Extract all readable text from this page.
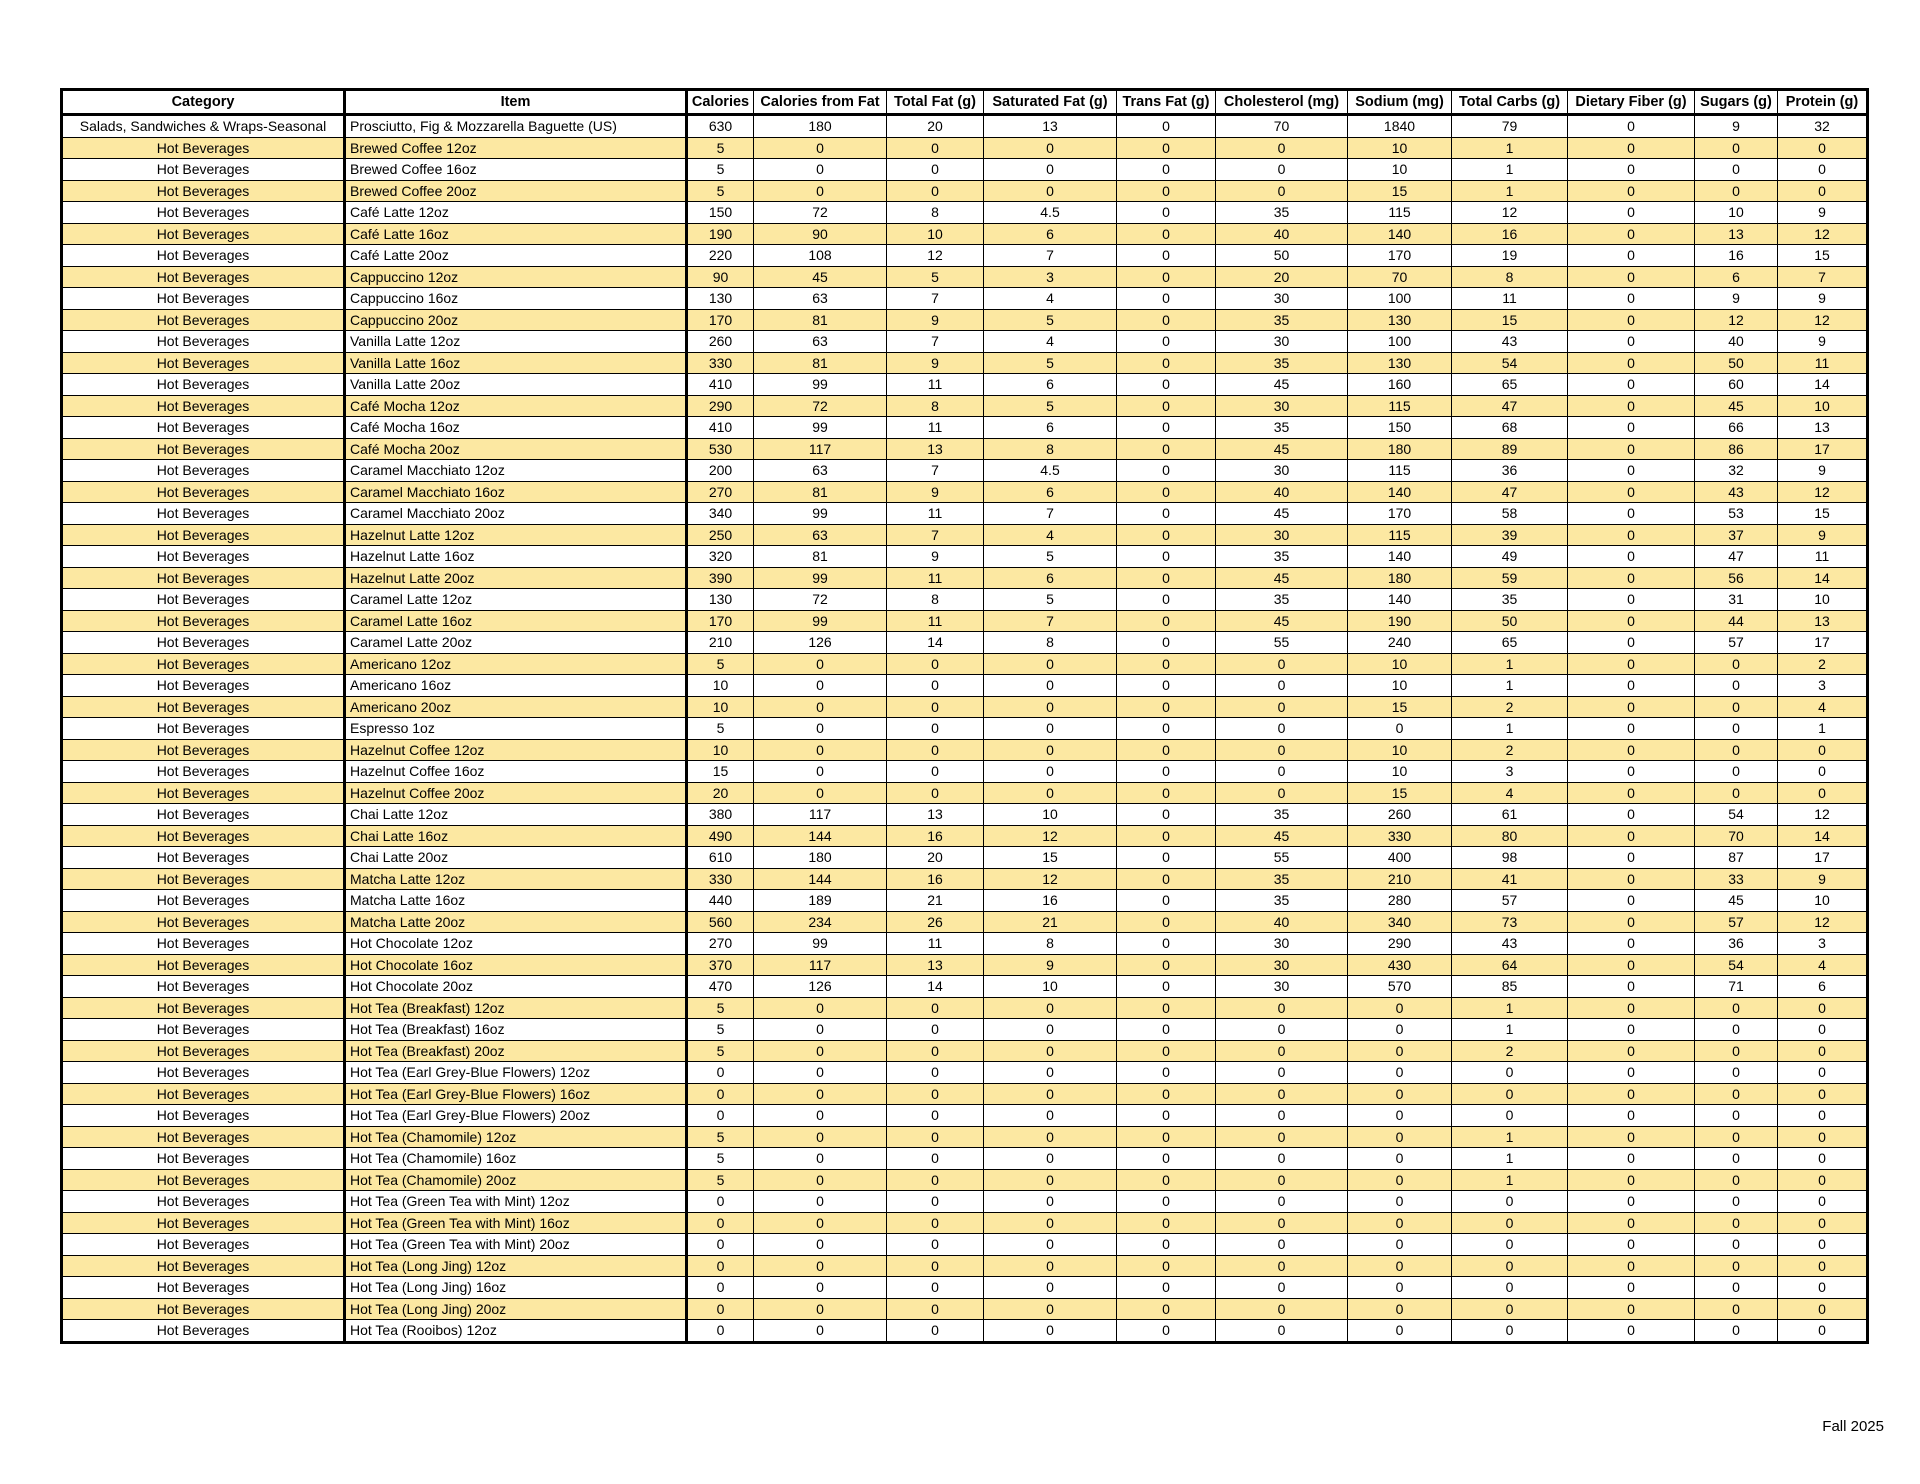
Category	Item	Calories	Calories from Fat	Total Fat (g)	Saturated Fat (g)	Trans Fat (g)	Cholesterol (mg)	Sodium (mg)	Total Carbs (g)	Dietary Fiber (g)	Sugars (g)	Protein (g)
Salads, Sandwiches & Wraps-Seasonal	Prosciutto, Fig & Mozzarella Baguette (US)	630	180	20	13	0	70	1840	79	0	9	32
Hot Beverages	Brewed Coffee 12oz	5	0	0	0	0	0	10	1	0	0	0
Hot Beverages	Brewed Coffee 16oz	5	0	0	0	0	0	10	1	0	0	0
Hot Beverages	Brewed Coffee 20oz	5	0	0	0	0	0	15	1	0	0	0
Hot Beverages	Café Latte 12oz	150	72	8	4.5	0	35	115	12	0	10	9
Hot Beverages	Café Latte 16oz	190	90	10	6	0	40	140	16	0	13	12
Hot Beverages	Café Latte 20oz	220	108	12	7	0	50	170	19	0	16	15
Hot Beverages	Cappuccino 12oz	90	45	5	3	0	20	70	8	0	6	7
Hot Beverages	Cappuccino 16oz	130	63	7	4	0	30	100	11	0	9	9
Hot Beverages	Cappuccino 20oz	170	81	9	5	0	35	130	15	0	12	12
Hot Beverages	Vanilla Latte 12oz	260	63	7	4	0	30	100	43	0	40	9
Hot Beverages	Vanilla Latte 16oz	330	81	9	5	0	35	130	54	0	50	11
Hot Beverages	Vanilla Latte 20oz	410	99	11	6	0	45	160	65	0	60	14
Hot Beverages	Café Mocha 12oz	290	72	8	5	0	30	115	47	0	45	10
Hot Beverages	Café Mocha 16oz	410	99	11	6	0	35	150	68	0	66	13
Hot Beverages	Café Mocha 20oz	530	117	13	8	0	45	180	89	0	86	17
Hot Beverages	Caramel Macchiato 12oz	200	63	7	4.5	0	30	115	36	0	32	9
Hot Beverages	Caramel Macchiato 16oz	270	81	9	6	0	40	140	47	0	43	12
Hot Beverages	Caramel Macchiato 20oz	340	99	11	7	0	45	170	58	0	53	15
Hot Beverages	Hazelnut Latte 12oz	250	63	7	4	0	30	115	39	0	37	9
Hot Beverages	Hazelnut Latte 16oz	320	81	9	5	0	35	140	49	0	47	11
Hot Beverages	Hazelnut Latte 20oz	390	99	11	6	0	45	180	59	0	56	14
Hot Beverages	Caramel Latte 12oz	130	72	8	5	0	35	140	35	0	31	10
Hot Beverages	Caramel Latte 16oz	170	99	11	7	0	45	190	50	0	44	13
Hot Beverages	Caramel Latte 20oz	210	126	14	8	0	55	240	65	0	57	17
Hot Beverages	Americano 12oz	5	0	0	0	0	0	10	1	0	0	2
Hot Beverages	Americano 16oz	10	0	0	0	0	0	10	1	0	0	3
Hot Beverages	Americano 20oz	10	0	0	0	0	0	15	2	0	0	4
Hot Beverages	Espresso 1oz	5	0	0	0	0	0	0	1	0	0	1
Hot Beverages	Hazelnut Coffee 12oz	10	0	0	0	0	0	10	2	0	0	0
Hot Beverages	Hazelnut Coffee 16oz	15	0	0	0	0	0	10	3	0	0	0
Hot Beverages	Hazelnut Coffee 20oz	20	0	0	0	0	0	15	4	0	0	0
Hot Beverages	Chai Latte 12oz	380	117	13	10	0	35	260	61	0	54	12
Hot Beverages	Chai Latte 16oz	490	144	16	12	0	45	330	80	0	70	14
Hot Beverages	Chai Latte 20oz	610	180	20	15	0	55	400	98	0	87	17
Hot Beverages	Matcha Latte 12oz	330	144	16	12	0	35	210	41	0	33	9
Hot Beverages	Matcha Latte 16oz	440	189	21	16	0	35	280	57	0	45	10
Hot Beverages	Matcha Latte 20oz	560	234	26	21	0	40	340	73	0	57	12
Hot Beverages	Hot Chocolate 12oz	270	99	11	8	0	30	290	43	0	36	3
Hot Beverages	Hot Chocolate 16oz	370	117	13	9	0	30	430	64	0	54	4
Hot Beverages	Hot Chocolate 20oz	470	126	14	10	0	30	570	85	0	71	6
Hot Beverages	Hot Tea (Breakfast) 12oz	5	0	0	0	0	0	0	1	0	0	0
Hot Beverages	Hot Tea (Breakfast) 16oz	5	0	0	0	0	0	0	1	0	0	0
Hot Beverages	Hot Tea (Breakfast) 20oz	5	0	0	0	0	0	0	2	0	0	0
Hot Beverages	Hot Tea (Earl Grey-Blue Flowers) 12oz	0	0	0	0	0	0	0	0	0	0	0
Hot Beverages	Hot Tea (Earl Grey-Blue Flowers) 16oz	0	0	0	0	0	0	0	0	0	0	0
Hot Beverages	Hot Tea (Earl Grey-Blue Flowers) 20oz	0	0	0	0	0	0	0	0	0	0	0
Hot Beverages	Hot Tea (Chamomile) 12oz	5	0	0	0	0	0	0	1	0	0	0
Hot Beverages	Hot Tea (Chamomile) 16oz	5	0	0	0	0	0	0	1	0	0	0
Hot Beverages	Hot Tea (Chamomile) 20oz	5	0	0	0	0	0	0	1	0	0	0
Hot Beverages	Hot Tea (Green Tea with Mint) 12oz	0	0	0	0	0	0	0	0	0	0	0
Hot Beverages	Hot Tea (Green Tea with Mint) 16oz	0	0	0	0	0	0	0	0	0	0	0
Hot Beverages	Hot Tea (Green Tea with Mint) 20oz	0	0	0	0	0	0	0	0	0	0	0
Hot Beverages	Hot Tea (Long Jing) 12oz	0	0	0	0	0	0	0	0	0	0	0
Hot Beverages	Hot Tea (Long Jing) 16oz	0	0	0	0	0	0	0	0	0	0	0
Hot Beverages	Hot Tea (Long Jing) 20oz	0	0	0	0	0	0	0	0	0	0	0
Hot Beverages	Hot Tea (Rooibos) 12oz	0	0	0	0	0	0	0	0	0	0	0
Fall 2025
